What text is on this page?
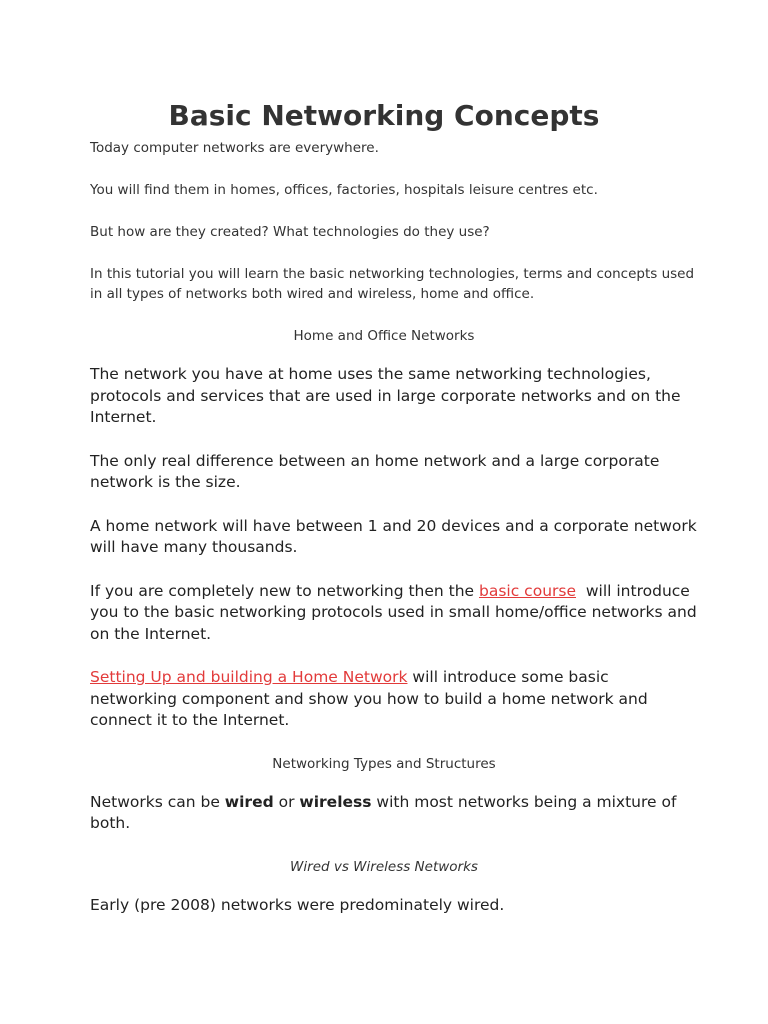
Basic Networking Concepts

Today computer networks are everywhere.

You will find them in homes, offices, factories, hospitals leisure centres etc.

But how are they created? What technologies do they use?

In this tutorial you will learn the basic networking technologies, terms and concepts used in all types of networks both wired and wireless, home and office.

Home and Office Networks

The network you have at home uses the same networking technologies, protocols and services that are used in large corporate networks and on the Internet.

The only real difference between an home network and a large corporate network is the size.

A home network will have between 1 and 20 devices and a corporate network will have many thousands.

If you are completely new to networking then the basic course  will introduce you to the basic networking protocols used in small home/office networks and on the Internet.

Setting Up and building a Home Network will introduce some basic networking component and show you how to build a home network and connect it to the Internet.

Networking Types and Structures

Networks can be wired or wireless with most networks being a mixture of both.

Wired vs Wireless Networks

Early (pre 2008) networks were predominately wired.
